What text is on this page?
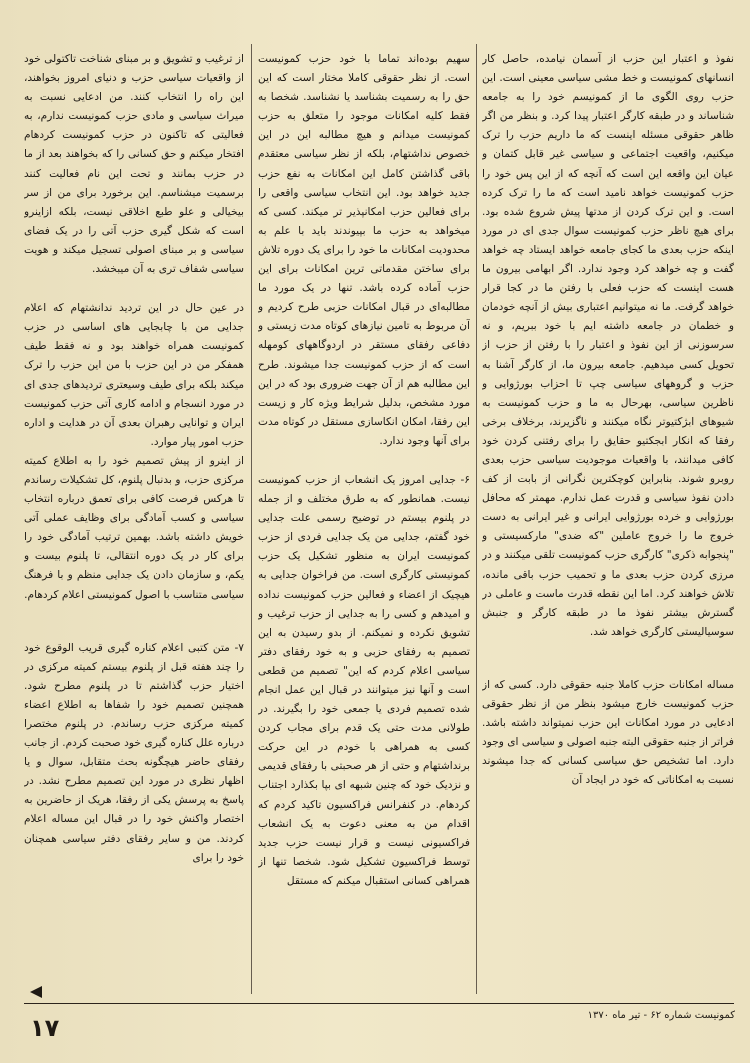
نفوذ و اعتبار این حزب از آسمان نیامده، حاصل کار انسانهای کمونیست و خط مشی سیاسی معینی است. این حزب روی الگوی ما از کمونیسم خود را به جامعه شناساند و در طبقه کارگر اعتبار پیدا کرد. و بنظر من اگر ظاهر حقوقی مسئله اینست که ما داریم حزب را ترک میکنیم، واقعیت اجتماعی و سیاسی غیر قابل کتمان و عیان این واقعه این است که آنچه که از این پس خود را حزب کمونیست خواهد نامید است که ما را ترک کرده است. و این ترک کردن از مدتها پیش شروع شده بود. برای هیچ ناظر حزب کمونیست سوال جدی ای در مورد اینکه حزب بعدی ما کجای جامعه خواهد ایستاد چه خواهد گفت و چه خواهد کرد وجود ندارد. اگر ابهامی بیرون ما هست اینست که حزب فعلی با رفتن ما در کجا قرار خواهد گرفت. ما نه میتوانیم اعتباری بیش از آنچه خودمان و خطمان در جامعه داشته ایم با خود ببریم، و نه سرسوزنی از این نفوذ و اعتبار را با رفتن از حزب از تحویل کسی میدهیم. جامعه بیرون ما، از کارگر آشنا به حزب و گروههای سیاسی چپ تا احزاب بورژوایی و ناظرین سیاسی، بهرحال به ما و حزب کمونیست به شیوهای ابژکتیوتر نگاه میکنند و ناگزیرند، برخلاف برخی رفقا که انکار ابجکتیو حقایق را برای رفتنی کردن خود کافی میدانند، با واقعیات موجودیت سیاسی حزب بعدی روبرو شوند. بنابراین کوچکترین نگرانی از بابت از کف دادن نفوذ سیاسی و قدرت عمل ندارم. مهمتر که محافل بورژوایی و خرده بورژوایی ایرانی و غیر ایرانی به دست خروج ما را خروج عاملین "که ضدی" مارکسیستی و "پنجوابه ذکری" کارگری حزب کمونیست تلقی میکنند و در مرزی کردن حزب بعدی ما و تحمیب حزب باقی مانده، تلاش خواهند کرد. اما این نقطه قدرت ماست و عاملی در گسترش بیشتر نفوذ ما در طبقه کارگر و جنبش سوسیالیستی کارگری خواهد شد.

مساله امکانات حزب کاملا جنبه حقوقی دارد. کسی که از حزب کمونیست خارج میشود بنظر من از نظر حقوقی ادعایی در مورد امکانات این حزب نمیتواند داشته باشد. فراتر از جنبه حقوقی البته جنبه اصولی و سیاسی ای وجود دارد. اما تشخیص حق سیاسی کسانی که جدا میشوند نسبت به امکاناتی که خود در ایجاد آن

سهیم بوده‌اند تماما با خود حزب کمونیست است. از نظر حقوقی کاملا مختار است که این حق را به رسمیت بشناسد یا نشناسد. شخصا به فقط کلیه امکانات موجود را متعلق به حزب کمونیست میدانم و هیچ مطالبه این در این خصوص نداشتهام، بلکه از نظر سیاسی معتقدم باقی گذاشتن کامل این امکانات به نفع حزب جدید خواهد بود. این انتخاب سیاسی واقعی را برای فعالین حزب امکانپذیر تر میکند. کسی که میخواهد به حزب ما بپیوندند باید با علم به محدودیت امکانات ما خود را برای یک دوره تلاش برای ساختن مقدماتی ترین امکانات برای این حزب آماده کرده باشد. تنها در یک مورد ما مطالبه‌ای در قبال امکانات حزبی طرح کردیم و آن مربوط به تامین نیازهای کوتاه مدت زیستی و دفاعی رفقای مستقر در اردوگاههای کومهله است که از حزب کمونیست جدا میشوند. طرح این مطالبه هم از آن جهت ضروری بود که در این مورد مشخص، بدلیل شرایط ویژه کار و زیست این رفقا، امکان انکاسازی مستقل در کوتاه مدت برای آنها وجود ندارد.

۶- جدایی امروز یک انشعاب از حزب کمونیست نیست. همانطور که به طرق مختلف و از جمله در پلنوم بیستم در توضیح رسمی علت جدایی خود گفتم، جدایی من یک جدایی فردی از حزب کمونیست ایران به منظور تشکیل یک حزب کمونیستی کارگری است. من فراخوان جدایی به هیچیک از اعضاء و فعالین حزب کمونیست نداده و امیدهم و کسی را به جدایی از حزب ترغیب و تشویق نکرده و نمیکنم. از بدو رسیدن به این تصمیم به رفقای حزبی و به خود رفقای دفتر سیاسی اعلام کردم که این" تصمیم من قطعی است و آنها نیز میتوانند در قبال این عمل انجام شده تصمیم فردی یا جمعی خود را بگیرند. در طولانی مدت حتی یک قدم برای مجاب کردن کسی به همراهی با خودم در این حرکت برنداشتهام و حتی از هر صحبتی با رفقای قدیمی و نزدیک خود که چنین شبهه ای بپا بکذارد اجتناب کردهام. در کنفرانس فراکسیون تاکید کردم که اقدام من به معنی دعوت به یک انشعاب فراکسیونی نیست و قرار نیست حزب جدید توسط فراکسیون تشکیل شود. شخصا تنها از همراهی کسانی استقبال میکنم که مستقل

از ترغیب و تشویق و بر مبنای شناخت تاکتولی خود از واقعیات سیاسی حزب و دنیای امروز بخواهند، این راه را انتخاب کنند. من ادعایی نسبت به میراث سیاسی و مادی حزب کمونیست ندارم، به فعالیتی که تاکنون در حزب کمونیست کردهام افتخار میکنم و حق کسانی را که بخواهند بعد از ما در حزب بمانند و تحت این نام فعالیت کنند برسمیت میشناسم. این برخورد برای من از سر بیخیالی و علو طبع اخلاقی نیست، بلکه ازاینرو است که شکل گیری حزب آتی را در یک فضای سیاسی و بر مبنای اصولی تسجیل میکند و هویت سیاسی شفاف تری به آن میبخشد.

در عین حال در این تردید ندانشتهام که اعلام جدایی من با چابجایی های اساسی در حزب کمونیست همراه خواهند بود و نه فقط طیف همفکر من در این حزب با من این حزب را ترک میکند بلکه برای طیف وسیعتری تردیدهای جدی ای در مورد انسجام و ادامه کاری آتی حزب کمونیست ایران و توانایی رهبران بعدی آن در هدایت و اداره حزب امور پیار موارد.

از اینرو از پیش تصمیم خود را به اطلاع کمیته مرکزی حزب، و بدنبال پلنوم، کل تشکیلات رساندم تا هرکس فرصت کافی برای تعمق درباره انتخاب سیاسی و کسب آمادگی برای وظایف عملی آتی خویش داشته باشد. بهمین ترتیب آمادگی خود را برای کار در یک دوره انتقالی، تا پلنوم بیست و یکم، و سازمان دادن یک جدایی منظم و با فرهنگ سیاسی متناسب با اصول کمونیستی اعلام کردهام.

۷- متن کتبی اعلام کناره گیری قریب الوقوع خود را چند هفته قبل از پلنوم بیستم کمیته مرکزی در اختیار حزب گذاشتم تا در پلنوم مطرح شود. همچنین تصمیم خود را شفاها به اطلاع اعضاء کمیته مرکزی حزب رساندم. در پلنوم مختصرا درباره علل کناره گیری خود صحبت کردم. از جانب رفقای حاضر هیچگونه بحث متقابل، سوال و یا اظهار نظری در مورد این تصمیم مطرح نشد. در پاسخ به پرسش یکی از رفقا، هریک از حاضرین به اختصار واکنش خود را در قبال این مساله اعلام کردند. من و سایر رفقای دفتر سیاسی همچنان خود را برای

کمونیست شماره ۶۲ - تیر ماه ۱۳۷۰
۱۷
